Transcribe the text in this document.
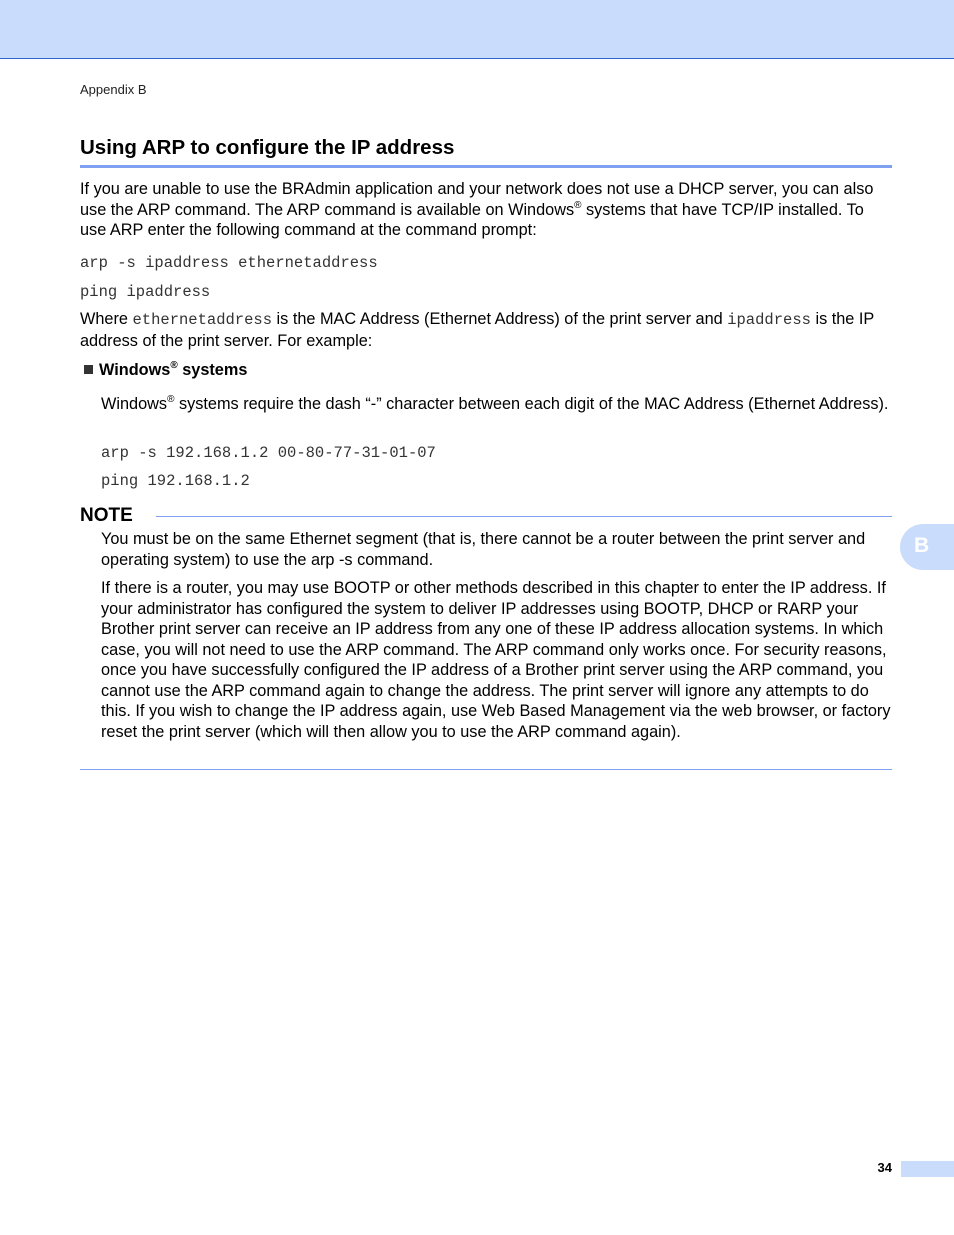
Appendix B
Using ARP to configure the IP address

If you are unable to use the BRAdmin application and your network does not use a DHCP server, you can also use the ARP command. The ARP command is available on Windows® systems that have TCP/IP installed. To use ARP enter the following command at the command prompt:

arp -s ipaddress ethernetaddress
ping ipaddress

Where ethernetaddress is the MAC Address (Ethernet Address) of the print server and ipaddress is the IP address of the print server. For example:

Windows® systems

Windows® systems require the dash “-” character between each digit of the MAC Address (Ethernet Address).

arp -s 192.168.1.2 00-80-77-31-01-07
ping 192.168.1.2
NOTE

You must be on the same Ethernet segment (that is, there cannot be a router between the print server and operating system) to use the arp -s command.

If there is a router, you may use BOOTP or other methods described in this chapter to enter the IP address. If your administrator has configured the system to deliver IP addresses using BOOTP, DHCP or RARP your Brother print server can receive an IP address from any one of these IP address allocation systems. In which case, you will not need to use the ARP command. The ARP command only works once. For security reasons, once you have successfully configured the IP address of a Brother print server using the ARP command, you cannot use the ARP command again to change the address. The print server will ignore any attempts to do this. If you wish to change the IP address again, use Web Based Management via the web browser, or factory reset the print server (which will then allow you to use the ARP command again).

B
34
